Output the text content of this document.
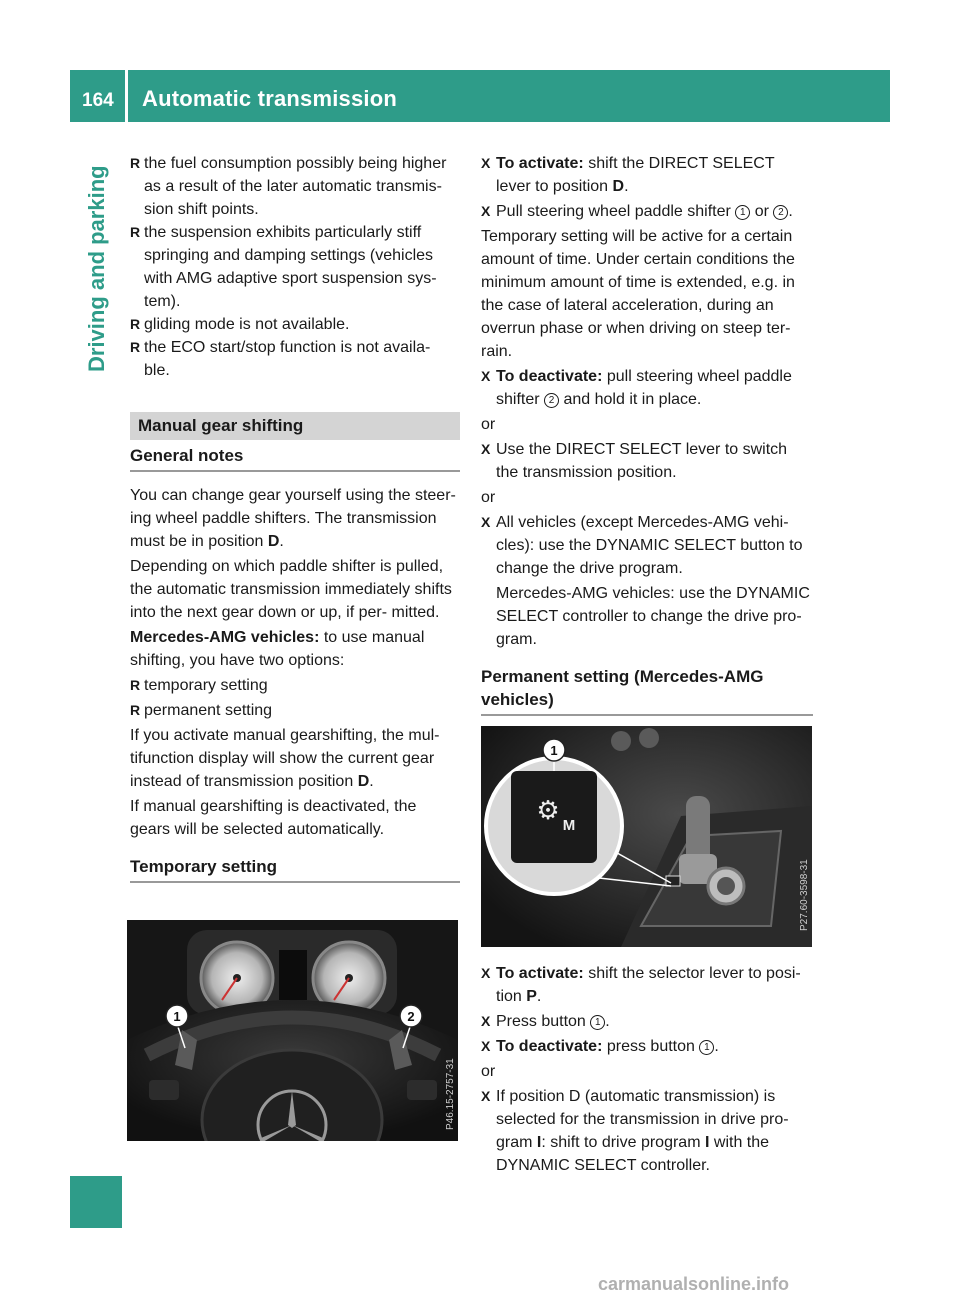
164 Automatic transmission
Driving and parking
R the fuel consumption possibly being higher as a result of the later automatic transmis- sion shift points.
R the suspension exhibits particularly stiff springing and damping settings (vehicles with AMG adaptive sport suspension sys- tem).
R gliding mode is not available.
R the ECO start/stop function is not availa- ble.
Manual gear shifting
General notes
You can change gear yourself using the steer- ing wheel paddle shifters. The transmission must be in position D.
Depending on which paddle shifter is pulled, the automatic transmission immediately shifts into the next gear down or up, if per- mitted.
Mercedes-AMG vehicles: to use manual shifting, you have two options:
R temporary setting
R permanent setting
If you activate manual gearshifting, the mul- tifunction display will show the current gear instead of transmission position D.
If manual gearshifting is deactivated, the gears will be selected automatically.
Temporary setting
1	2
P46.15-2757-31
X To activate: shift the DIRECT SELECT lever to position D.
X Pull steering wheel paddle shifter 1 or 2 .
Temporary setting will be active for a certain amount of time. Under certain conditions the minimum amount of time is extended, e.g. in the case of lateral acceleration, during an overrun phase or when driving on steep ter- rain.
X To deactivate: pull steering wheel paddle shifter 2 and hold it in place.
or
X Use the DIRECT SELECT lever to switch the transmission position.
or
X All vehicles (except Mercedes-AMG vehi- cles): use the DYNAMIC SELECT button to change the drive program.
Mercedes-AMG vehicles: use the DYNAMIC SELECT controller to change the drive pro- gram.
Permanent setting (Mercedes-AMG vehicles)
⚙ M
1
P27.60-3598-31
X To activate: shift the selector lever to posi- tion P.
X Press button 1 .
X To deactivate: press button 1 .
or
X If position D (automatic transmission) is selected for the transmission in drive pro- gram I: shift to drive program I with the DYNAMIC SELECT controller.
carmanualsonline.info
